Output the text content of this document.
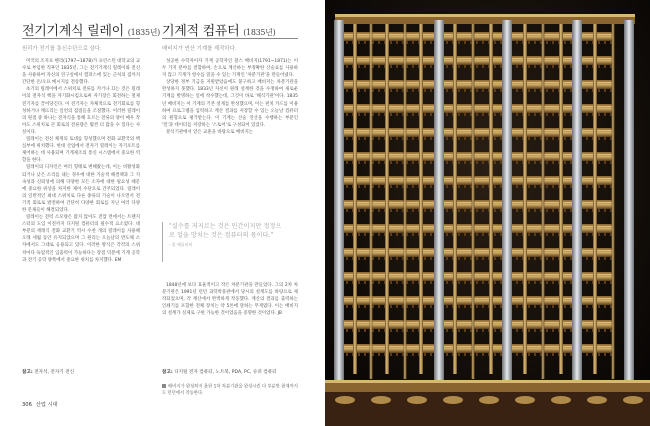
전기기계식 릴레이 (1835년)
원리가 전기를 통신수단으로 삼다.

미국의 조지프 헨리(1797~1878)가 프린스턴 대학교의 교수로 부임한 직후인 1835년, 그는 전기기계식 릴레이와 전신을 사용하여 자신의 연구실에서 캠퍼스에 있는 근처의 집까지 간단한 온/오프 메시지를 전송했다.

초기의 릴레이에서 스위치로 전류를 켜거나 끄는 것은 릴레이의 전자석 핵을 자기화시킴으로써 자기장은 회전하는 철제 전기자를 끌어당긴다. 이 전기자는 자체적으로 전기회로를 형성하거나 깨뜨리는 일련의 접점들을 조절했다. 이러한 릴레이의 원점 중 하나는 전자식을 통해 흐르는 전류의 양이 매우 작아도 스위치로 큰 회로의 전류량은 훨씬 더 많을 수 있다는 사실이다.

릴레이는 전신 체계의 토대를 형성했으며 전화 교환국의 핵심부에 위치했다. 현대 산업에서 전자기 릴레이는 자기포트를 제어하는 데 사용되며 기계제조의 통신 시스템에서 중요한 역할을 한다.

릴레이의 디자인은 여러 형태로 변해왔는데, 이는 비활성화 되거나 낮은 소리를 내는 경우에 대한 기술적 해결책과 그 지속성과 신뢰성에 의해 다양한 모든 소자에 대한 필요성 때문에 중요한 위상을 차지한 제어 수단으로 간주되었다. 릴레이의 일반적인 최대 스위치로 다른 종류의 기술이 나오면서 전기적 회로로 발전하여 간단히 다양한 회로를 지닌 여러 다양한 문제들이 해결되었다.

릴레이는 전력 소모량은 많지 않아도 전압 면에서는 트랜지스터의 도입 이전까지 디지털 컴퓨터의 필수적 요소였다. 대부분의 재래식 전화 교환기 역시 수천 개의 릴레이를 사용해 오래 세월 동안 유지되었으며 그 원리는 오늘날의 반도체 소자에서도 그대로 응용되고 있다. 이러한 방식은 각각의 스위치마다 독립적인 입출력이 가능하다는 장점 덕분에 기계 공학과 전기 공학 양쪽에서 중요한 위치를 차지했다. EM

참고: 전자석, 전자기 전신
306 산업 시대
기계적 컴퓨터 (1835년)
배비지가 연산 기계를 제작하다.

성공한 수학자이자 기계 공학자인 찰스 배비지(1791~1871)는 이 두 가지 분야를 결합하여, 손으로 계산하는 부정확한 산술표를 사용하지 않고 기계가 항수를 읽을 수 있는 기계인 '차분기관'을 만들어냈다.

상당한 정부 기금을 지원받았음에도 불구하고 배비지는 차분기관을 완성하지 못했다. 1833년 자신이 원래 설계한 것을 수정하여 새로운 기계를 발명하는 일에 착수했는데, 그것이 바로 '해석기관'이다. 1835년 배비지는 이 기계의 기본 설계를 완성했으며, 이는 펀치 카드를 이용하여 프로그램을 입력하고 계산 결과를 저장할 수 있는 오늘날 컴퓨터의 원형으로 평가받는다. 이 기계는 산술 연산을 수행하는 부분인 '밀'과 데이터를 저장하는 '스토어'로 구성되어 있었다.

분석기관에서 얻은 교훈을 바탕으로 배비지는

"실수를 저지르는 것은 인간이지만 정정으로 얼을 망치는 것은 컴퓨터의 몫이다."
- 폴 에를리히

1848년에 보다 효율적이고 작은 차분기관을 만들었다. 그의 2차 차분기관은 1991년 런던 과학박물관에서 당시의 설계도를 바탕으로 제작되었으며, 각 계산에서 완벽하게 작동했다. 계산의 결과를 출력하는 인쇄기를 포함한 전체 장치는 약 5톤에 달하는 무게였다. 이는 배비지의 설계가 실제로 구현 가능한 것이었음을 증명한 것이었다. JB

참고: 디지털 전자 컴퓨터, 노트북, PDA, PC, 슈퍼 컴퓨터
배비지가 완성하지 못한 1차 차분기관을 완성시킨 다 부분만 현재까지도 런던에서 작동한다.
